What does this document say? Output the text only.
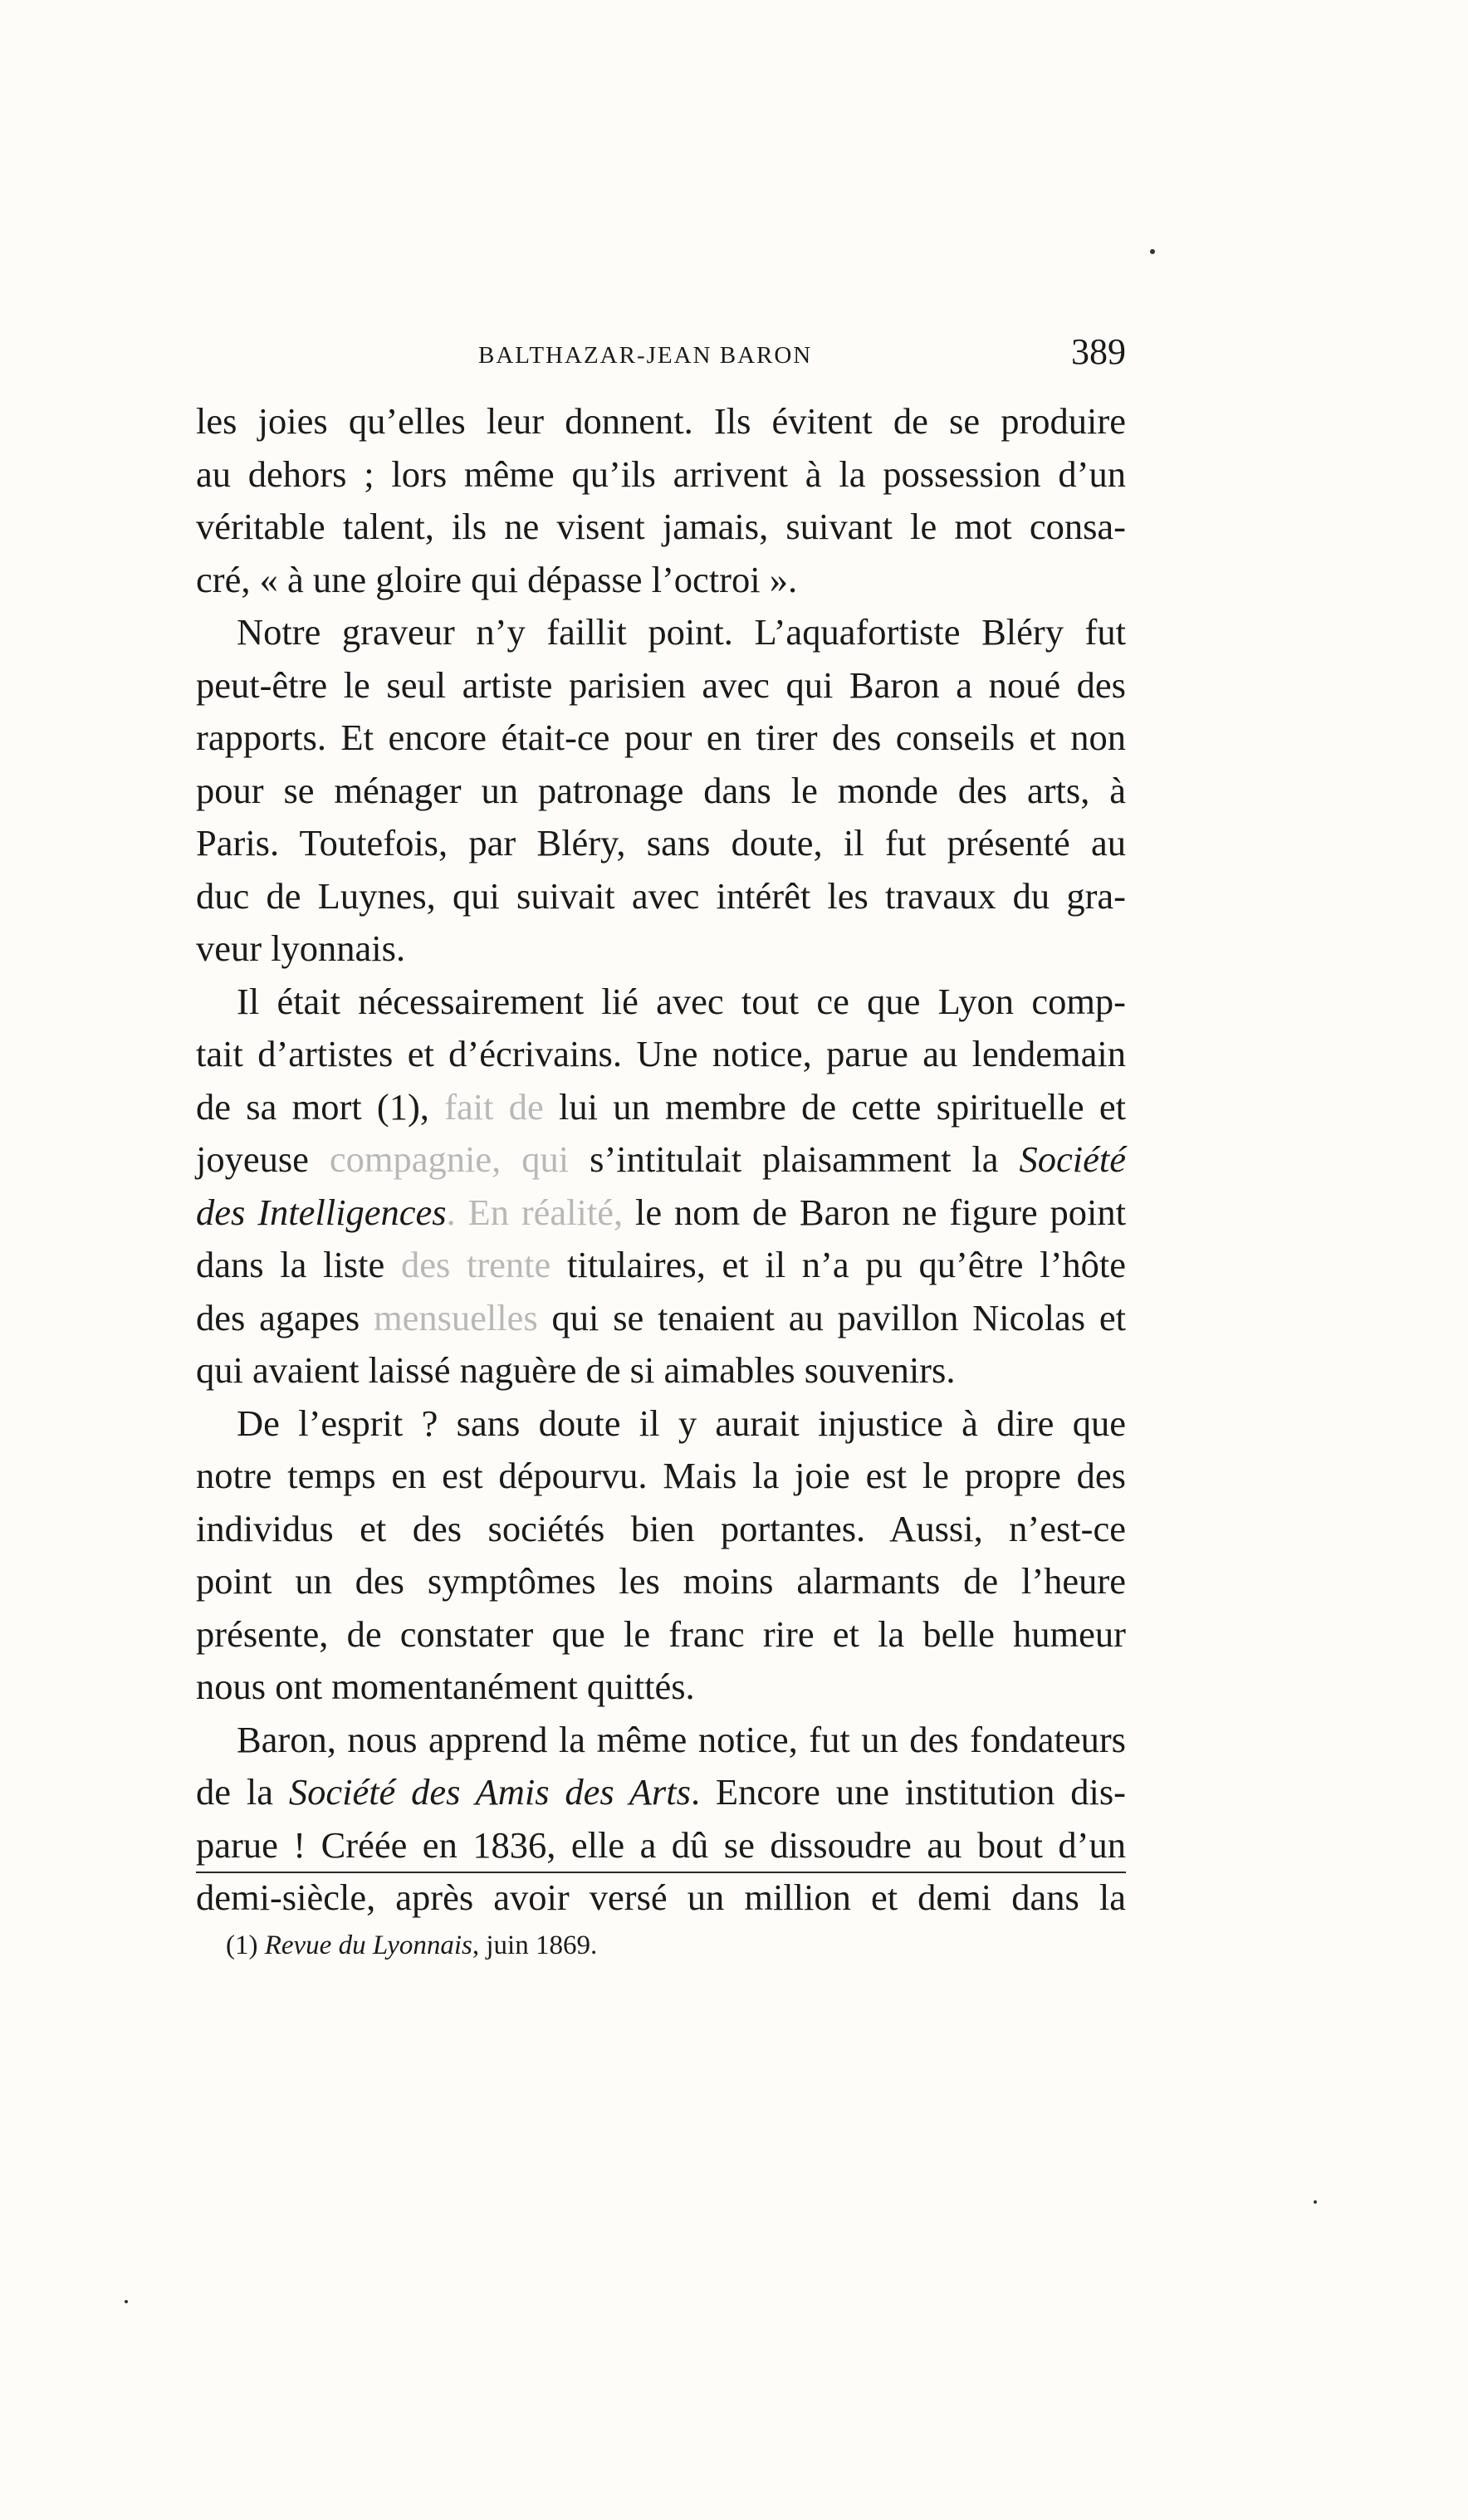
BALTHAZAR-JEAN BARON	389
les joies qu’elles leur donnent. Ils évitent de se produire
au dehors ; lors même qu’ils arrivent à la possession d’un
véritable talent, ils ne visent jamais, suivant le mot consa-
cré, « à une gloire qui dépasse l’octroi ».
Notre graveur n’y faillit point. L’aquafortiste Bléry fut
peut-être le seul artiste parisien avec qui Baron a noué des
rapports. Et encore était-ce pour en tirer des conseils et non
pour se ménager un patronage dans le monde des arts, à
Paris. Toutefois, par Bléry, sans doute, il fut présenté au
duc de Luynes, qui suivait avec intérêt les travaux du gra-
veur lyonnais.
Il était nécessairement lié avec tout ce que Lyon comp-
tait d’artistes et d’écrivains. Une notice, parue au lendemain
de sa mort (1), fait de lui un membre de cette spirituelle et
joyeuse compagnie, qui s’intitulait plaisamment la Société
des Intelligences. En réalité, le nom de Baron ne figure point
dans la liste des trente titulaires, et il n’a pu qu’être l’hôte
des agapes mensuelles qui se tenaient au pavillon Nicolas et
qui avaient laissé naguère de si aimables souvenirs.
De l’esprit ? sans doute il y aurait injustice à dire que
notre temps en est dépourvu. Mais la joie est le propre des
individus et des sociétés bien portantes. Aussi, n’est-ce
point un des symptômes les moins alarmants de l’heure
présente, de constater que le franc rire et la belle humeur
nous ont momentanément quittés.
Baron, nous apprend la même notice, fut un des fondateurs
de la Société des Amis des Arts. Encore une institution dis-
parue ! Créée en 1836, elle a dû se dissoudre au bout d’un
demi-siècle, après avoir versé un million et demi dans la
(1) Revue du Lyonnais, juin 1869.
